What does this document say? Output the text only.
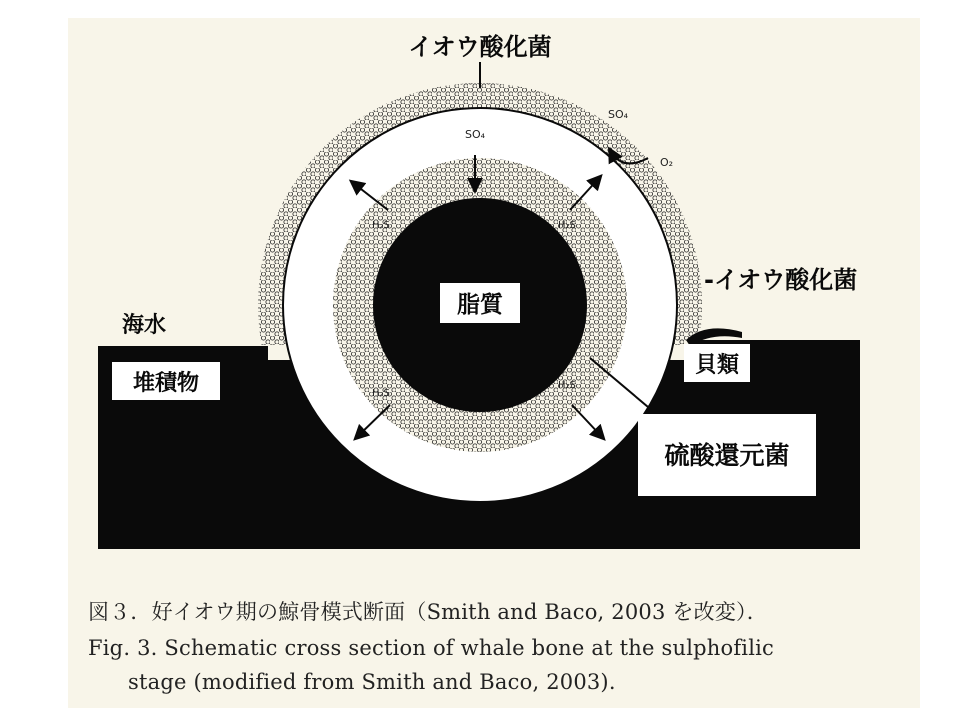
イオウ酸化菌
-イオウ酸化菌
海水
堆積物
脂質
貝類
硫酸還元菌
SO₄
SO₄
O₂
H₂S	H₂S
H₂S
H₂S
図３．好イオウ期の鯨骨模式断面（Smith and Baco, 2003 を改変）．
Fig. 3. Schematic cross section of whale bone at the sulphofilic
stage (modified from Smith and Baco, 2003).
